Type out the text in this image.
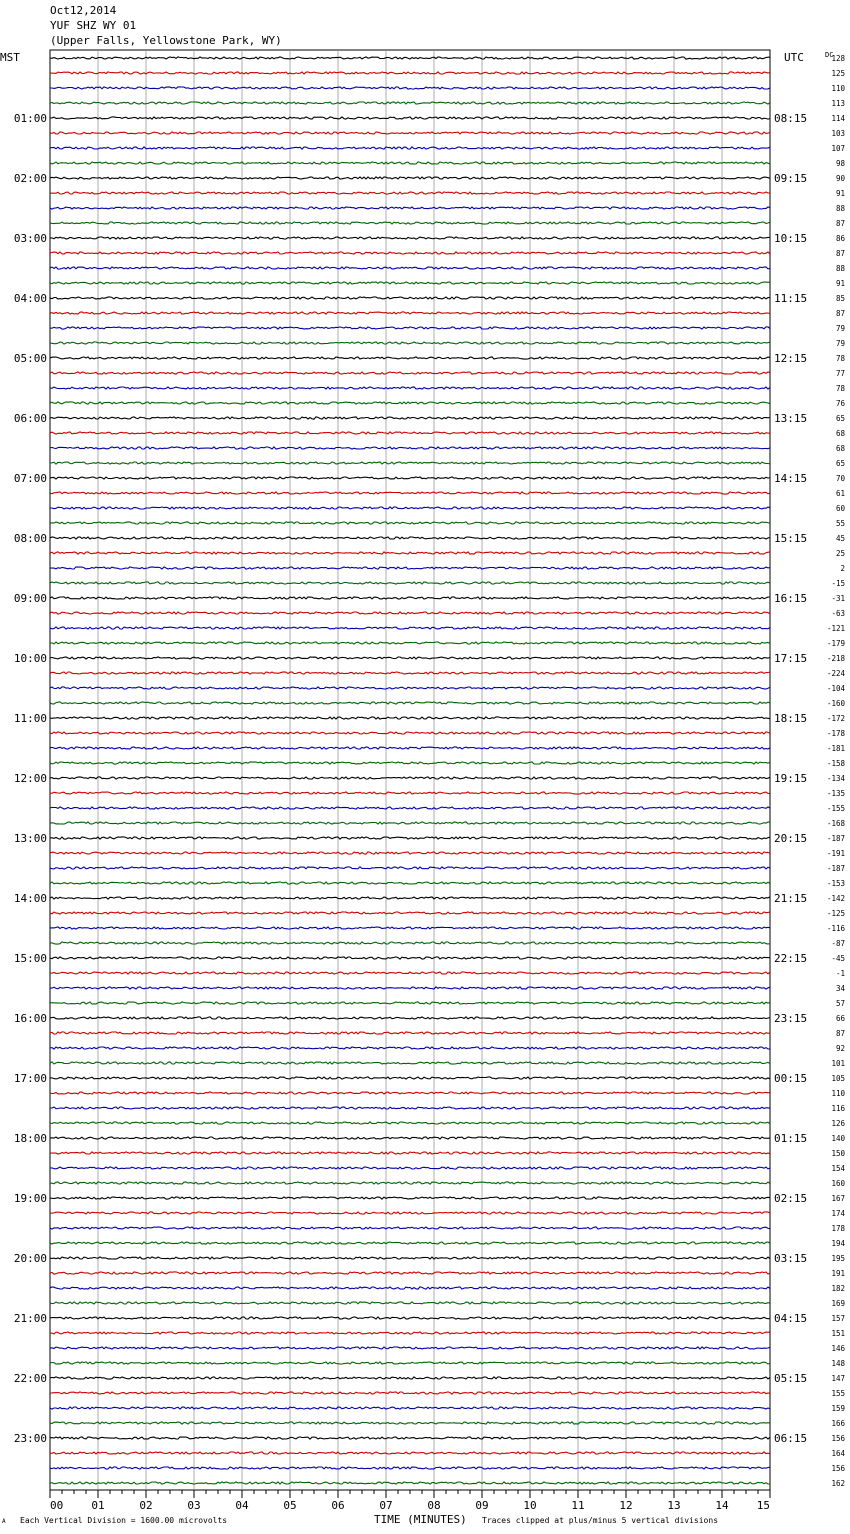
Oct12,2014
YUF SHZ WY 01
(Upper Falls, Yellowstone Park, WY)
128
125
110
113
114
103
107
98
90
91
88
87
86
87
88
91
85
87
79
79
78
77
78
76
65
68
68
65
70
61
60
55
45
25
2
-15
-31
-63
-121
-179
-218
-224
-104
-160
-172
-178
-181
-158
-134
-135
-155
-168
-187
-191
-187
-153
-142
-125
-116
-87
-45
-1
34
57
66
87
92
101
105
110
116
126
140
150
154
160
167
174
178
194
195
191
182
169
157
151
146
148
147
155
159
166
156
164
156
162
MST	UTC	DC
01:00	08:15
02:00	09:15
03:00	10:15
04:00	11:15
05:00	12:15
06:00	13:15
07:00	14:15
08:00	15:15
09:00	16:15
10:00	17:15
11:00	18:15
12:00	19:15
13:00	20:15
14:00	21:15
15:00	22:15
16:00	23:15
17:00	00:15
18:00	01:15
19:00	02:15
20:00	03:15
21:00	04:15
22:00	05:15
23:00	06:15
00	01	02	03	04	05	06	07	08	09	10	11	12	13	14	15
TIME (MINUTES)
A Each Vertical Division = 1600.00 microvolts	Traces clipped at plus/minus 5 vertical divisions
